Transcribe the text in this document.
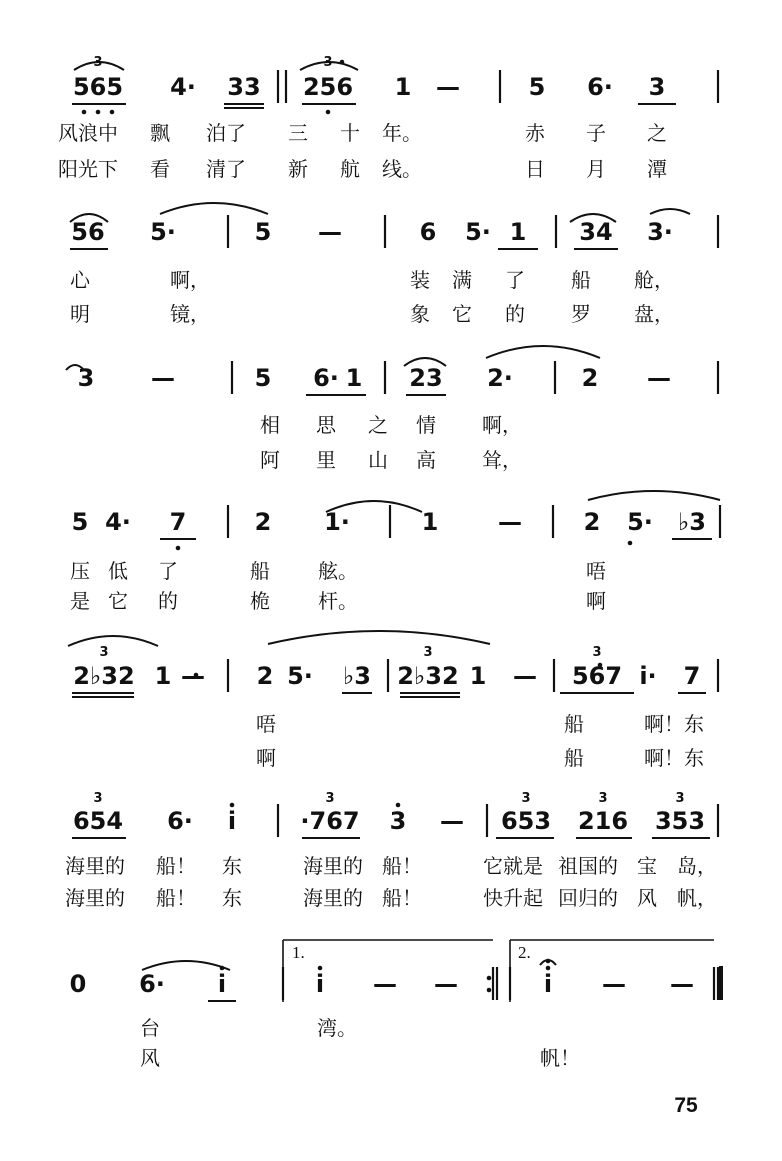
565 4· 33 256 1 —	5 6· 3
风浪中 飘 泊了 三 十 年。	赤 子 之
阳光下 看 清了 新 航 线。	日 月 潭
56 5·	5 —	6 5· 1 34 3·
心	啊，	装 满 了 船 舱，
明	镜，	象 它 的 罗 盘，
3 —	5 6· 1 23 2·	2 —
相 思 之 情 啊，
阿 里 山 高 耸，
5 4· 7	2 1·	1 —	2 5· ♭3
压 低 了	船 舷。	唔
是 它 的	桅 杆。	啊
2♭32 1 — 2 5· ♭3 2♭32 1 — 567 i· 7
唔	船	啊！东
啊	船	啊！东
654 6· i	·767 3 — 653 216 353
海里的 船！ 东	海里的 船！	它就是 祖国的 宝 岛，
海里的 船！ 东	海里的 船！	快升起 回归的 风 帆，
0 6· i	i — —	i — —
台	湾。
风	帆！
3	3
3	3	3
3	3	3	3	3
1.	2.
75
